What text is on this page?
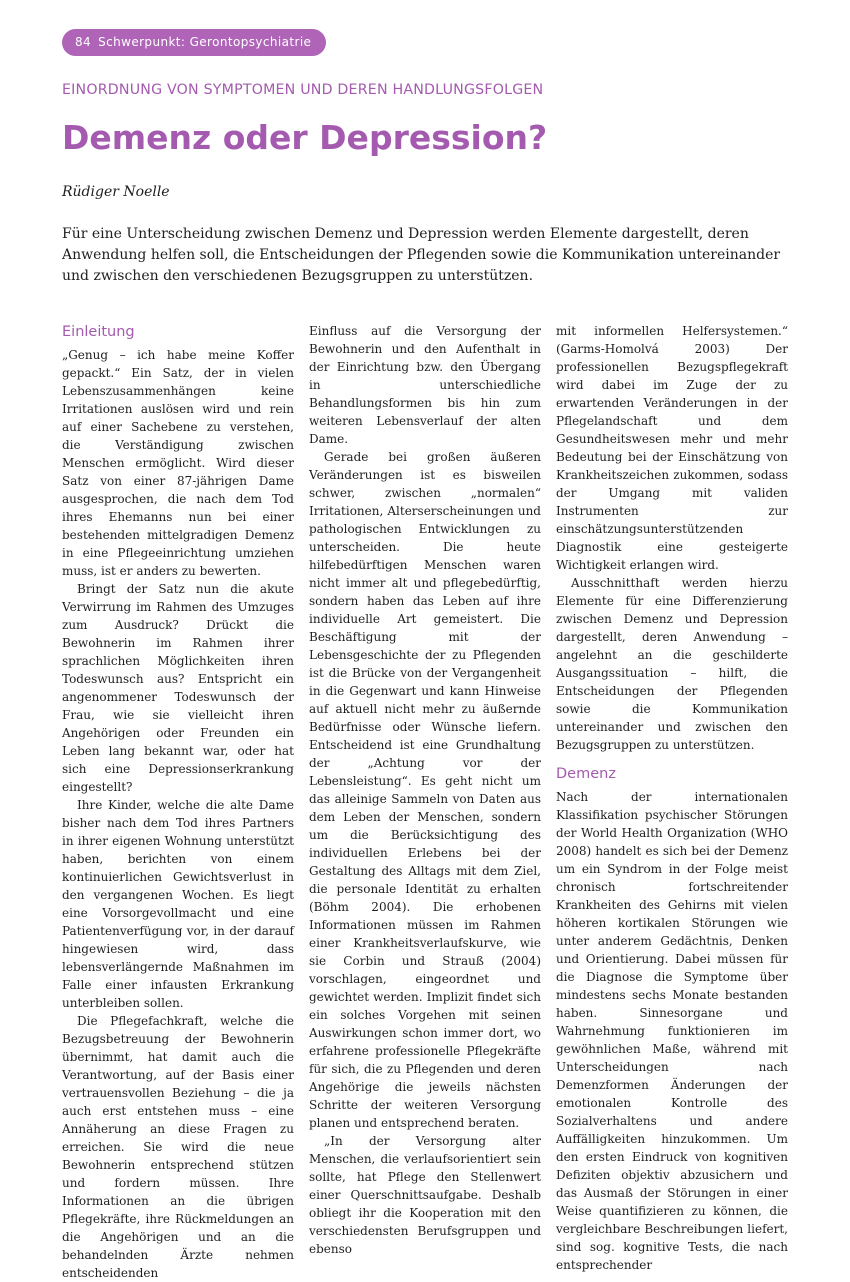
84 Schwerpunkt: Gerontopsychiatrie
EINORDNUNG VON SYMPTOMEN UND DEREN HANDLUNGSFOLGEN
Demenz oder Depression?
Rüdiger Noelle

Für eine Unterscheidung zwischen Demenz und Depression werden Elemente dargestellt, deren Anwendung helfen soll, die Entscheidungen der Pflegenden sowie die Kommunikation untereinander und zwischen den verschiedenen Bezugsgruppen zu unterstützen.

Einleitung

„Genug – ich habe meine Koffer gepackt.“ Ein Satz, der in vielen Lebenszusammenhängen keine Irritationen auslösen wird und rein auf einer Sachebene zu verstehen, die Verständigung zwischen Menschen ermöglicht. Wird dieser Satz von einer 87-jährigen Dame ausgesprochen, die nach dem Tod ihres Ehemanns nun bei einer bestehenden mittelgradigen Demenz in eine Pflegeeinrichtung umziehen muss, ist er anders zu bewerten.

Bringt der Satz nun die akute Verwirrung im Rahmen des Umzuges zum Ausdruck? Drückt die Bewohnerin im Rahmen ihrer sprachlichen Möglichkeiten ihren Todeswunsch aus? Entspricht ein angenommener Todeswunsch der Frau, wie sie vielleicht ihren Angehörigen oder Freunden ein Leben lang bekannt war, oder hat sich eine Depressionserkrankung eingestellt?

Ihre Kinder, welche die alte Dame bisher nach dem Tod ihres Partners in ihrer eigenen Wohnung unterstützt haben, berichten von einem kontinuierlichen Gewichtsverlust in den vergangenen Wochen. Es liegt eine Vorsorgevollmacht und eine Patientenverfügung vor, in der darauf hingewiesen wird, dass lebensverlängernde Maßnahmen im Falle einer infausten Erkrankung unterbleiben sollen.

Die Pflegefachkraft, welche die Bezugsbetreuung der Bewohnerin übernimmt, hat damit auch die Verantwortung, auf der Basis einer vertrauensvollen Beziehung – die ja auch erst entstehen muss – eine Annäherung an diese Fragen zu erreichen. Sie wird die neue Bewohnerin entsprechend stützen und fordern müssen. Ihre Informationen an die übrigen Pflegekräfte, ihre Rückmeldungen an die Angehörigen und an die behandelnden Ärzte nehmen entscheidenden

Einfluss auf die Versorgung der Bewohnerin und den Aufenthalt in der Einrichtung bzw. den Übergang in unterschiedliche Behandlungsformen bis hin zum weiteren Lebensverlauf der alten Dame.

Gerade bei großen äußeren Veränderungen ist es bisweilen schwer, zwischen „normalen“ Irritationen, Alterserscheinungen und pathologischen Entwicklungen zu unterscheiden. Die heute hilfebedürftigen Menschen waren nicht immer alt und pflegebedürftig, sondern haben das Leben auf ihre individuelle Art gemeistert. Die Beschäftigung mit der Lebensgeschichte der zu Pflegenden ist die Brücke von der Vergangenheit in die Gegenwart und kann Hinweise auf aktuell nicht mehr zu äußernde Bedürfnisse oder Wünsche liefern. Entscheidend ist eine Grundhaltung der „Achtung vor der Lebensleistung“. Es geht nicht um das alleinige Sammeln von Daten aus dem Leben der Menschen, sondern um die Berücksichtigung des individuellen Erlebens bei der Gestaltung des Alltags mit dem Ziel, die personale Identität zu erhalten (Böhm 2004). Die erhobenen Informationen müssen im Rahmen einer Krankheitsverlaufskurve, wie sie Corbin und Strauß (2004) vorschlagen, eingeordnet und gewichtet werden. Implizit findet sich ein solches Vorgehen mit seinen Auswirkungen schon immer dort, wo erfahrene professionelle Pflegekräfte für sich, die zu Pflegenden und deren Angehörige die jeweils nächsten Schritte der weiteren Versorgung planen und entsprechend beraten.

„In der Versorgung alter Menschen, die verlaufsorientiert sein sollte, hat Pflege den Stellenwert einer Querschnittsaufgabe. Deshalb obliegt ihr die Kooperation mit den verschiedensten Berufsgruppen und ebenso

mit informellen Helfersystemen.“ (Garms-Homolvá 2003) Der professionellen Bezugspflegekraft wird dabei im Zuge der zu erwartenden Veränderungen in der Pflegelandschaft und dem Gesundheitswesen mehr und mehr Bedeutung bei der Einschätzung von Krankheitszeichen zukommen, sodass der Umgang mit validen Instrumenten zur einschätzungsunterstützenden Diagnostik eine gesteigerte Wichtigkeit erlangen wird.

Ausschnitthaft werden hierzu Elemente für eine Differenzierung zwischen Demenz und Depression dargestellt, deren Anwendung – angelehnt an die geschilderte Ausgangssituation – hilft, die Entscheidungen der Pflegenden sowie die Kommunikation untereinander und zwischen den Bezugsgruppen zu unterstützen.

Demenz

Nach der internationalen Klassifikation psychischer Störungen der World Health Organization (WHO 2008) handelt es sich bei der Demenz um ein Syndrom in der Folge meist chronisch fortschreitender Krankheiten des Gehirns mit vielen höheren kortikalen Störungen wie unter anderem Gedächtnis, Denken und Orientierung. Dabei müssen für die Diagnose die Symptome über mindestens sechs Monate bestanden haben. Sinnesorgane und Wahrnehmung funktionieren im gewöhnlichen Maße, während mit Unterscheidungen nach Demenzformen Änderungen der emotionalen Kontrolle des Sozialverhaltens und andere Auffälligkeiten hinzukommen. Um den ersten Eindruck von kognitiven Defiziten objektiv abzusichern und das Ausmaß der Störungen in einer Weise quantifizieren zu können, die vergleichbare Beschreibungen liefert, sind sog. kognitive Tests, die nach entsprechender
